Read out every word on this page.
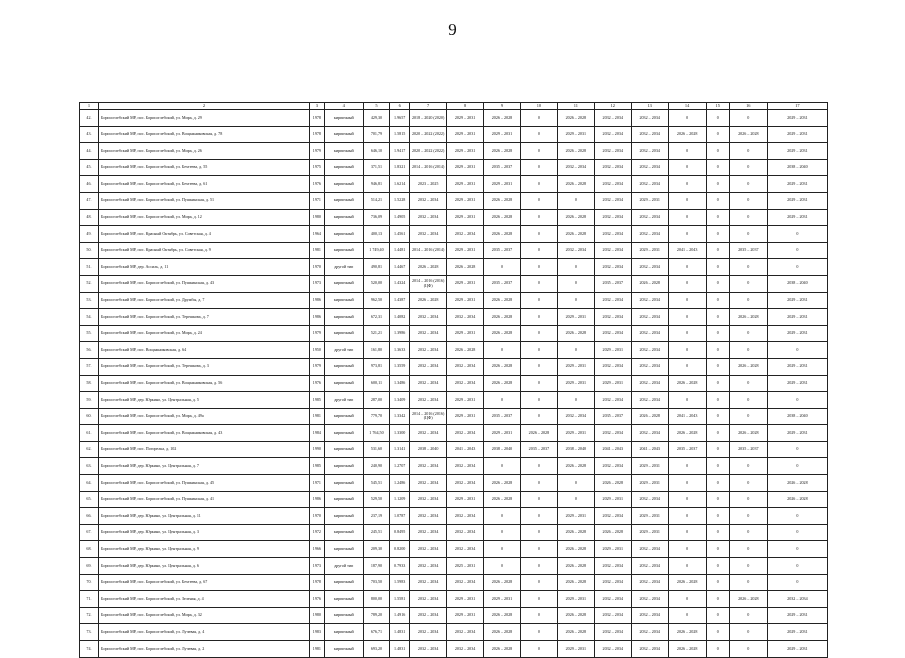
9
1	2	3	4	5	6	7	8	9	10	11	12	13	14	15	16	17
42.	Борисоглебский МР, пос. Борисоглебский, ул. Мира, д. 29	1978	кирпичный	429,30	1.9657	2018 – 2020 (2020)	2029 – 2031	2026 – 2028	0	2026 – 2028	2032 – 2034	2032 – 2034	0	0	0	2029 – 2031
43.	Борисоглебский МР, пос. Борисоглебский, ул. Вощажниковская, д. 78	1978	кирпичный	701,79	1.5815	2020 – 2022 (2022)	2029 – 2031	2029 – 2031	0	2029 – 2031	2032 – 2034	2032 – 2034	2026 – 2028	0	2026 – 2028	2029 – 2031
44.	Борисоглебский МР, пос. Борисоглебский, ул. Мира, д. 26	1979	кирпичный	646,10	1.9417	2020 – 2022 (2022)	2029 – 2031	2026 – 2028	0	2026 – 2028	2032 – 2034	2032 – 2034	0	0	0	2029 – 2031
45.	Борисоглебский МР, пос. Борисоглебский, ул. Бехтеева, д. 55	1975	кирпичный	371,51	1.8321	2014 – 2016 (2014)	2029 – 2031	2035 – 2037	0	2032 – 2034	2032 – 2034	2032 – 2034	0	0	0	2038 – 2040
46.	Борисоглебский МР, пос. Борисоглебский, ул. Бехтеева, д. 61	1976	кирпичный	946,81	1.6214	2023 – 2025	2029 – 2031	2029 – 2031	0	2026 – 2028	2032 – 2034	2032 – 2034	0	0	0	2029 – 2031
47.	Борисоглебский МР, пос. Борисоглебский, ул. Пушкинская, д. 51	1971	кирпичный	514,21	1.5228	2032 – 2034	2029 – 2031	2026 – 2028	0	0	2032 – 2034	2029 – 2031	0	0	0	2029 – 2031
48.	Борисоглебский МР, пос. Борисоглебский, ул. Мира, д. 12	1980	кирпичный	736,09	1.4905	2032 – 2034	2029 – 2031	2026 – 2028	0	2026 – 2028	2032 – 2034	2032 – 2034	0	0	0	2029 – 2031
49.	Борисоглебский МР, пос. Красный Октябрь, ул. Советская, д. 4	1964	кирпичный	400,13	1.4561	2032 – 2034	2032 – 2034	2026 – 2028	0	2026 – 2028	2032 – 2034	2032 – 2034	0	0	0	0
50.	Борисоглебский МР, пос. Красный Октябрь, ул. Советская, д. 9	1981	кирпичный	1 749,40	1.4481	2014 – 2016 (2014)	2029 – 2031	2035 – 2037	0	2032 – 2034	2032 – 2034	2029 – 2031	2041 – 2043	0	2035 – 2037	0
51.	Борисоглебский МР, дер. Ассиль, д. 11	1970	другой тип	490,81	1.4467	2026 – 2028	2026 – 2028	0	0	0	2032 – 2034	2032 – 2034	0	0	0	0
52.	Борисоглебский МР, пос. Борисоглебский, ул. Пушкинская, д. 43	1973	кирпичный	520,00	1.4324	2014 – 2016 (2016)(ЦФ)	2029 – 2031	2035 – 2037	0	0	2035 – 2037	2026 – 2028	0	0	0	2038 – 2040
53.	Борисоглебский МР, пос. Борисоглебский, ул. Дружбы, д. 7	1986	кирпичный	962,50	1.4387	2026 – 2028	2029 – 2031	2026 – 2028	0	0	2032 – 2034	2032 – 2034	0	0	0	2029 – 2031
54.	Борисоглебский МР, пос. Борисоглебский, ул. Терешкова, д. 7	1986	кирпичный	672,31	1.4082	2032 – 2034	2032 – 2034	2026 – 2028	0	2029 – 2031	2032 – 2034	2032 – 2034	0	0	2026 – 2028	2029 – 2031
55.	Борисоглебский МР, пос. Борисоглебский, ул. Мира, д. 24	1979	кирпичный	521,21	1.3986	2032 – 2034	2029 – 2031	2026 – 2028	0	2026 – 2028	2032 – 2034	2032 – 2034	0	0	0	2029 – 2031
56.	Борисоглебский МР, пос. Вощажниковская, д. 64	1950	другой тип	161,80	1.3633	2032 – 2034	2026 – 2028	0	0	0	2029 – 2031	2032 – 2034	0	0	0	0
57.	Борисоглебский МР, пос. Борисоглебский, ул. Терешкова, д. 3	1979	кирпичный	973,81	1.3559	2032 – 2034	2032 – 2034	2026 – 2028	0	2029 – 2031	2032 – 2034	2032 – 2034	0	0	2026 – 2028	2029 – 2031
58.	Борисоглебский МР, пос. Борисоглебский, ул. Вощажниковская, д. 56	1976	кирпичный	600,11	1.3486	2032 – 2034	2032 – 2034	2026 – 2028	0	2029 – 2031	2029 – 2031	2032 – 2034	2026 – 2028	0	0	2029 – 2031
59.	Борисоглебский МР, дер. Юркино, ул. Центральная, д. 5	1985	другой тип	287,00	1.3409	2032 – 2034	2029 – 2031	0	0	0	2032 – 2034	2032 – 2034	0	0	0	0
60.	Борисоглебский МР, пос. Борисоглебский, ул. Мира, д. 49а	1981	кирпичный	779,70	1.3342	2014 – 2016 (2016)(ЦФ)	2029 – 2031	2035 – 2037	0	2032 – 2034	2035 – 2037	2026 – 2028	2041 – 2043	0	0	2038 – 2040
61.	Борисоглебский МР, пос. Борисоглебский, ул. Вощажниковская, д. 43	1984	кирпичный	1 764,50	1.3300	2032 – 2034	2032 – 2034	2029 – 2031	2026 – 2028	2029 – 2031	2032 – 2034	2032 – 2034	2026 – 2028	0	2026 – 2028	2029 – 2031
62.	Борисоглебский МР, пос. Погорелка, д. 102	1990	кирпичный	531,60	1.3141	2038 – 2040	2041 – 2043	2038 – 2040	2035 – 2037	2038 – 2040	2041 – 2043	2041 – 2043	2035 – 2037	0	2035 – 2037	0
63.	Борисоглебский МР, дер. Юркино, ул. Центральная, д. 7	1985	кирпичный	240,90	1.2707	2032 – 2034	2032 – 2034	0	0	2026 – 2028	2032 – 2034	2029 – 2031	0	0	0	0
64.	Борисоглебский МР, пос. Борисоглебский, ул. Пушкинская, д. 45	1971	кирпичный	545,51	1.2486	2032 – 2034	2032 – 2034	2026 – 2028	0	0	2026 – 2028	2029 – 2031	0	0	0	2026 – 2028
65.	Борисоглебский МР, пос. Борисоглебский, ул. Пушкинская, д. 41	1986	кирпичный	529,50	1.1209	2032 – 2034	2029 – 2031	2026 – 2028	0	0	2029 – 2031	2032 – 2034	0	0	0	2026 – 2028
66.	Борисоглебский МР, дер. Юркино, ул. Центральная, д. 11	1970	кирпичный	237,19	1.0787	2032 – 2034	2032 – 2034	0	0	2029 – 2031	2032 – 2034	2029 – 2031	0	0	0	0
67.	Борисоглебский МР, дер. Юркино, ул. Центральная, д. 3	1972	кирпичный	245,51	0.8495	2032 – 2034	2032 – 2034	0	0	2026 – 2028	2026 – 2028	2029 – 2031	0	0	0	0
68.	Борисоглебский МР, дер. Юркино, ул. Центральная, д. 9	1966	кирпичный	209,30	0.8200	2032 – 2034	2032 – 2034	0	0	2026 – 2028	2029 – 2031	2032 – 2034	0	0	0	0
69.	Борисоглебский МР, дер. Юркино, ул. Центральная, д. 6	1973	другой тип	187,90	0.7933	2032 – 2034	2025 – 2031	0	0	2026 – 2028	2032 – 2034	2032 – 2034	0	0	0	0
70.	Борисоглебский МР, пос. Борисоглебский, ул. Бехтеева, д. 67	1978	кирпичный	703,50	1.5983	2032 – 2034	2032 – 2034	2026 – 2028	0	2026 – 2028	2032 – 2034	2032 – 2034	2026 – 2028	0	0	0
71.	Борисоглебский МР, пос. Борисоглебский, ул. Зеленая, д. 4	1976	кирпичный	800,00	1.5581	2032 – 2034	2029 – 2031	2029 – 2031	0	2029 – 2031	2032 – 2034	2032 – 2034	0	0	2026 – 2028	2032 – 2034
72.	Борисоглебский МР, пос. Борисоглебский, ул. Мира, д. 32	1980	кирпичный	789,20	1.4916	2032 – 2034	2029 – 2031	2026 – 2028	0	2026 – 2028	2032 – 2034	2032 – 2034	0	0	0	2029 – 2031
73.	Борисоглебский МР, пос. Борисоглебский, ул. Лучевая, д. 4	1983	кирпичный	676,71	1.4831	2032 – 2034	2032 – 2034	2026 – 2028	0	2026 – 2028	2032 – 2034	2032 – 2034	2026 – 2028	0	0	2029 – 2031
74.	Борисоглебский МР, пос. Борисоглебский, ул. Лучевая, д. 2	1981	кирпичный	693,20	1.4831	2032 – 2034	2032 – 2034	2026 – 2028	0	2029 – 2031	2032 – 2034	2032 – 2034	2026 – 2028	0	0	2029 – 2031
